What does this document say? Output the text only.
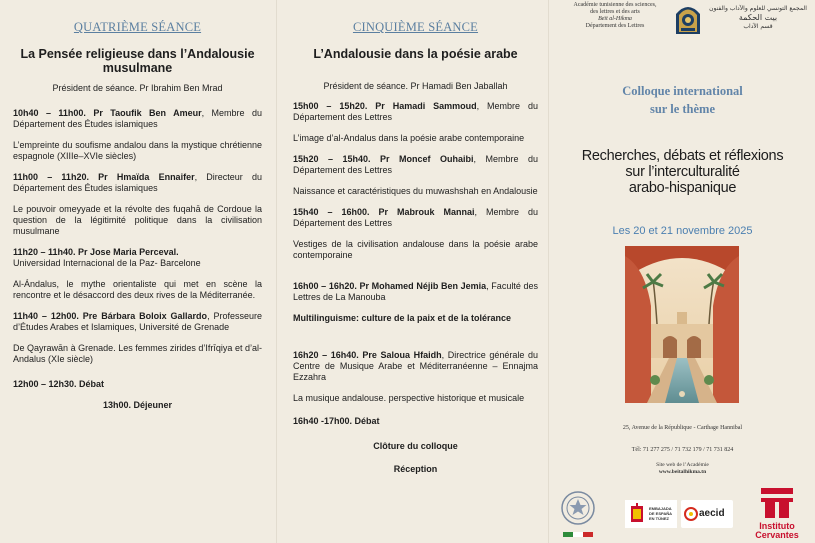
QUATRIÈME SÉANCE
La Pensée religieuse dans l’Andalousie musulmane
Président de séance. Pr Ibrahim Ben Mrad
10h40 – 11h00. Pr Taoufik Ben Ameur, Membre du Département des Études islamiques
L’empreinte du soufisme andalou dans la mystique chrétienne espagnole (XIIIe–XVIe siècles)
11h00 – 11h20. Pr Hmaïda Ennaifer, Directeur du Département des Études islamiques
Le pouvoir omeyyade et la révolte des fuqahā de Cordoue la question de la légitimité politique dans la civilisation musulmane
11h20 – 11h40. Pr Jose Maria Perceval.
Universidad Internacional de la Paz- Barcelone
Al-Ándalus, le mythe orientaliste qui met en scène la rencontre et le désaccord des deux rives de la Méditerranée.
11h40 – 12h00. Pre Bárbara Boloix Gallardo, Professeure d’Études Arabes et Islamiques, Université de Grenade
De Qayrawān à Grenade. Les femmes zirides d’Ifrīqiya et d’al-Andalus (XIe siècle)
12h00 – 12h30. Débat
13h00. Déjeuner
CINQUIÈME SÉANCE
L’Andalousie dans la poésie arabe
Président de séance. Pr Hamadi Ben Jaballah
15h00 – 15h20. Pr Hamadi Sammoud, Membre du Département des Lettres
L’image d’al-Andalus dans la poésie arabe contemporaine
15h20 – 15h40. Pr Moncef Ouhaibi, Membre du Département des Lettres
Naissance et caractéristiques du muwashshah en Andalousie
15h40 – 16h00. Pr Mabrouk Mannai, Membre du Département des Lettres
Vestiges de la civilisation andalouse dans la poésie arabe contemporaine
16h00 – 16h20. Pr Mohamed Néjib Ben Jemia, Faculté des Lettres de La Manouba
Multilinguisme: culture de la paix et de la tolérance
16h20 – 16h40. Pre Saloua Hfaidh, Directrice générale du Centre de Musique Arabe et Méditerranéenne – Ennajma Ezzahra
La musique andalouse. perspective historique et musicale
16h40 -17h00. Débat
Clôture du colloque
Réception
Académie tunisienne des sciences,
des lettres et des arts
Beït al-Hikma
Département des Lettres
المجمع التونسي للعلوم والآداب والفنون
بيت الحكمة
قسم الآداب
Colloque international
sur le thème
Recherches, débats et réflexions
sur l’interculturalité
arabo-hispanique
Les 20 et 21 novembre 2025
25, Avenue de la République - Carthage Hannibal
Tél: 71 277 275 / 71 732 179 / 71 731 824
Site web de l’Académie
www.beitalhikma.tn
EMBAJADA
DE ESPAÑA
EN TÚNEZ	aecid
Instituto
Cervantes
